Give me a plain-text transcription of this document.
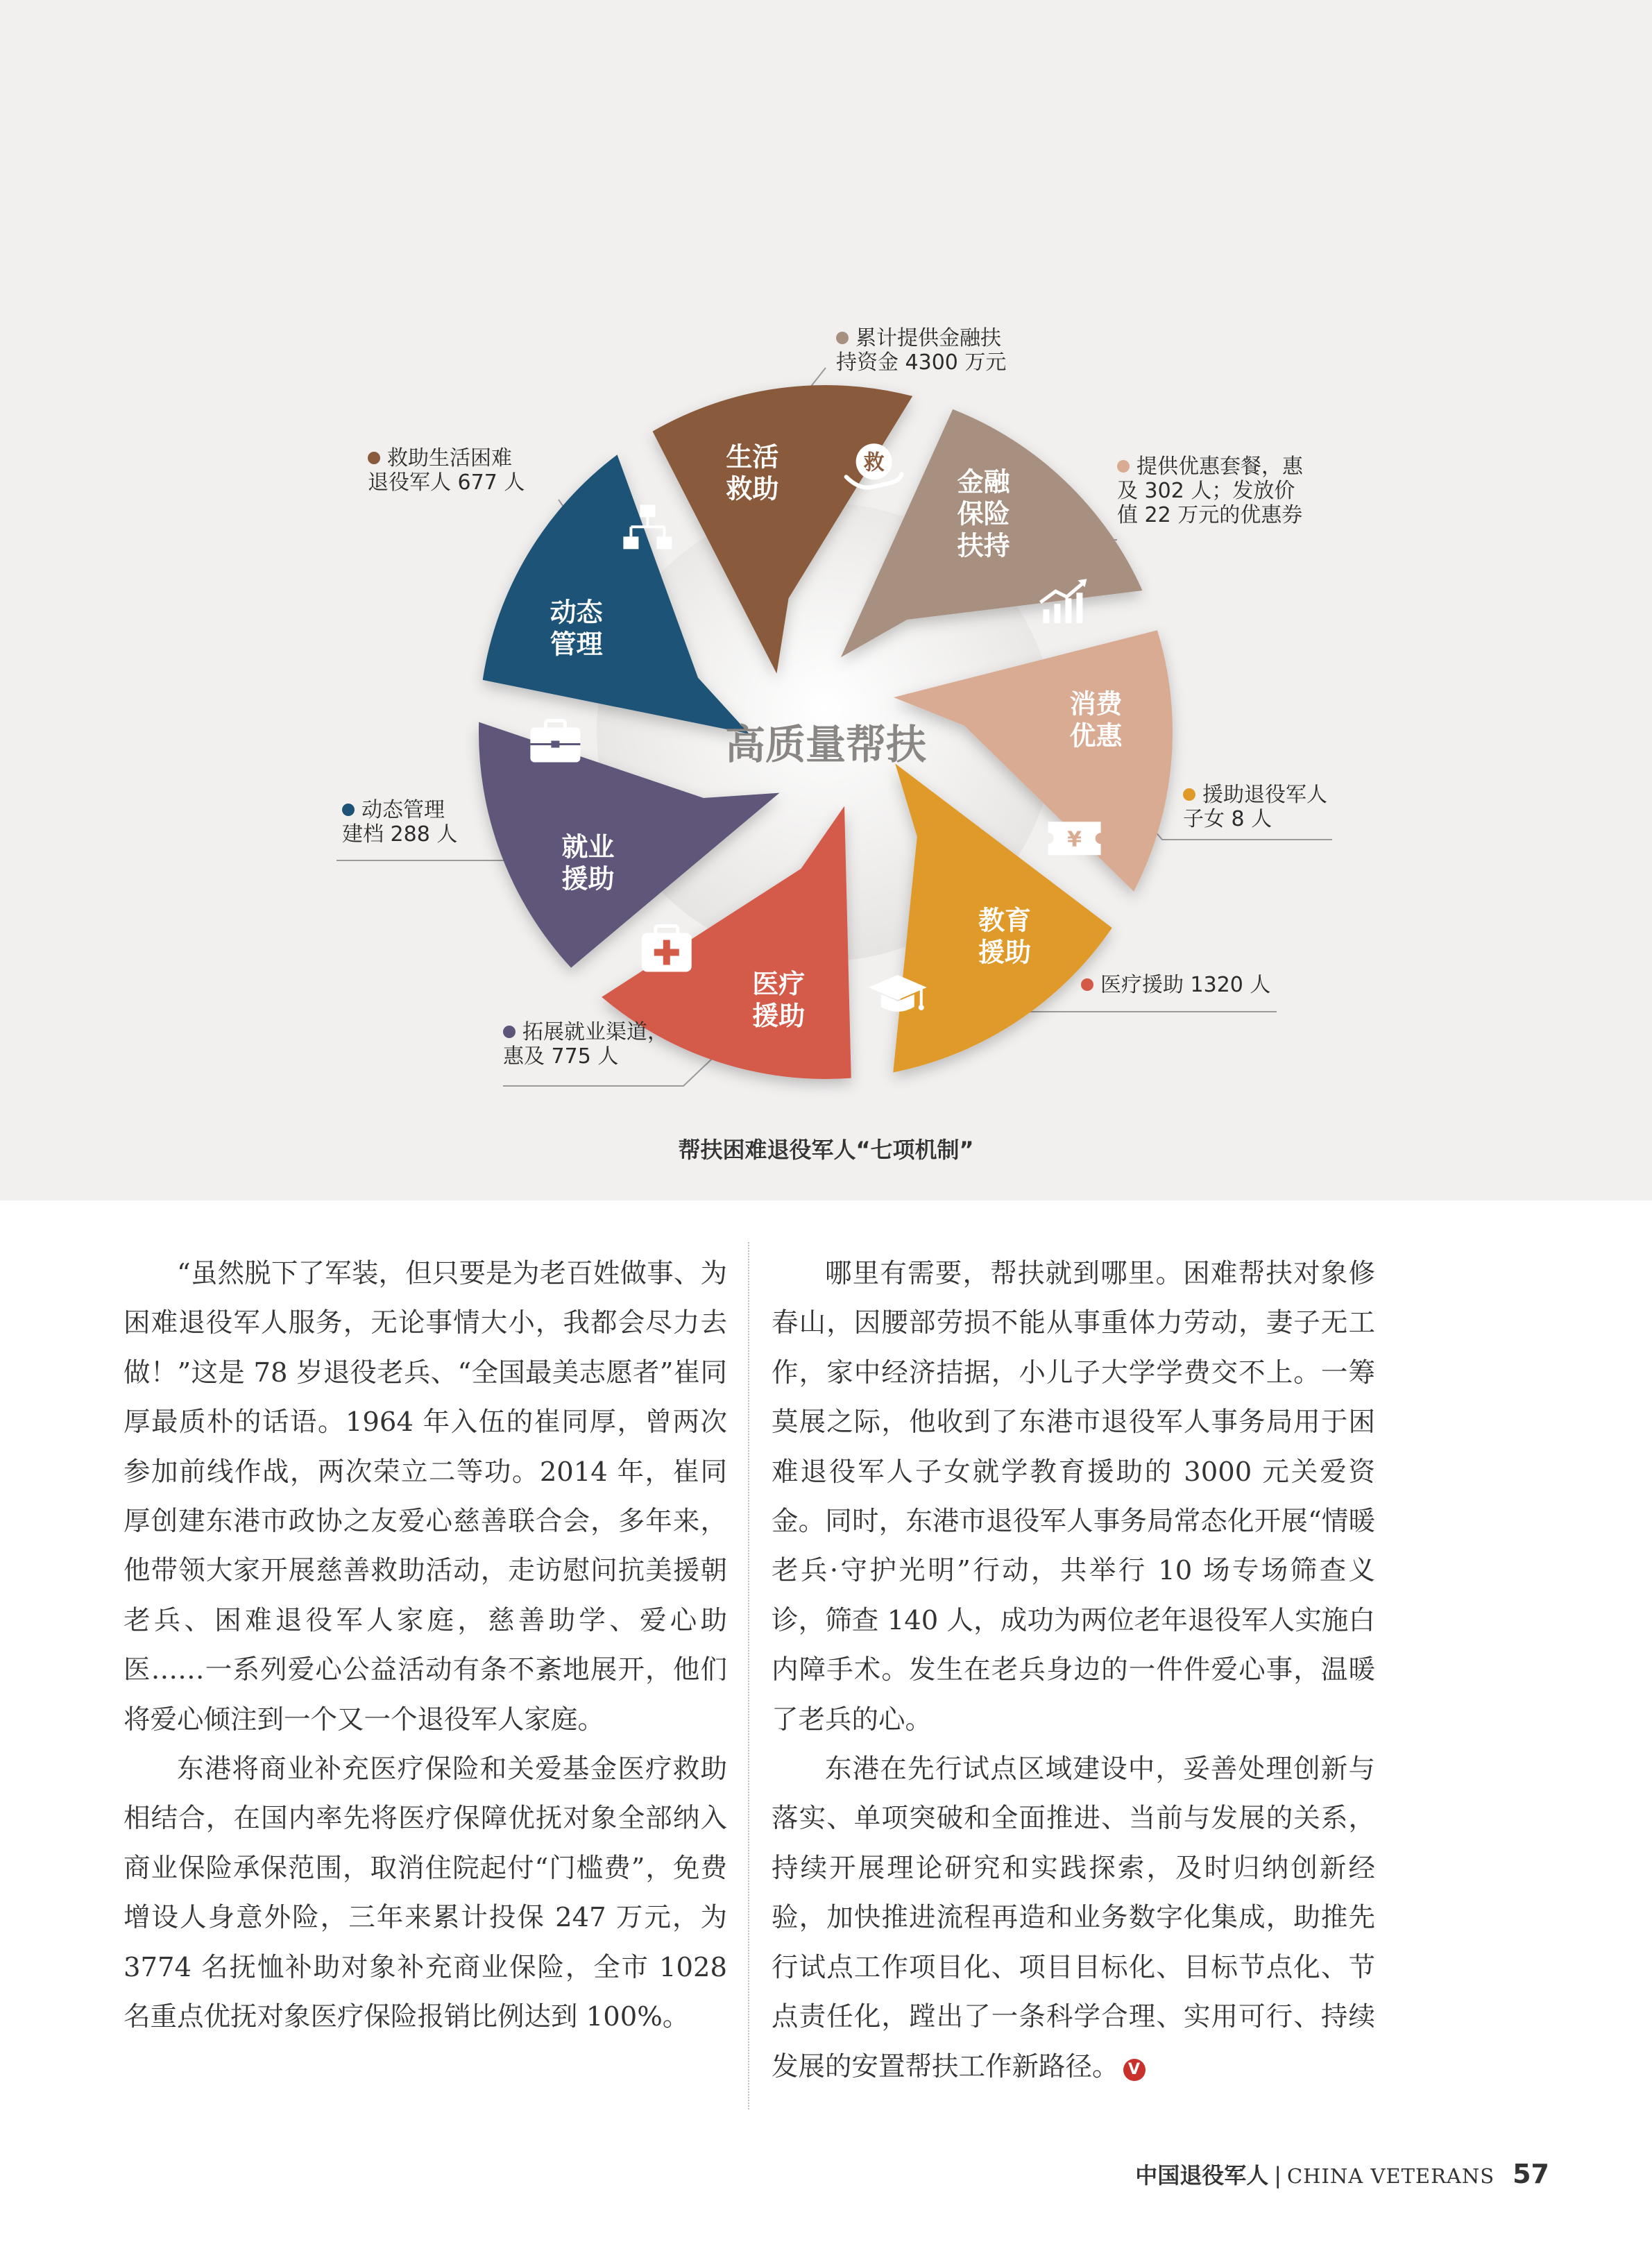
金融
保险
扶持
消费
优惠
¥
教育
援助
医疗
援助
就业
援助
动态
管理
生活
救助
救
高质量帮扶
累计提供金融扶
持资金 4300 万元
提供优惠套餐，惠
及 302 人；发放价
值 22 万元的优惠券
援助退役军人
子女 8 人
医疗援助 1320 人
拓展就业渠道，
惠及 775 人
动态管理
建档 288 人
救助生活困难
退役军人 677 人
帮扶困难退役军人“七项机制”

“虽然脱下了军装，但只要是为老百姓做事、为困难退役军人服务，无论事情大小，我都会尽力去做！”这是 78 岁退役老兵、“全国最美志愿者”崔同厚最质朴的话语。1964 年入伍的崔同厚，曾两次参加前线作战，两次荣立二等功。2014 年，崔同厚创建东港市政协之友爱心慈善联合会，多年来，他带领大家开展慈善救助活动，走访慰问抗美援朝老兵、困难退役军人家庭，慈善助学、爱心助医……一系列爱心公益活动有条不紊地展开，他们将爱心倾注到一个又一个退役军人家庭。

东港将商业补充医疗保险和关爱基金医疗救助相结合，在国内率先将医疗保障优抚对象全部纳入商业保险承保范围，取消住院起付“门槛费”，免费增设人身意外险，三年来累计投保 247 万元，为 3774 名抚恤补助对象补充商业保险，全市 1028 名重点优抚对象医疗保险报销比例达到 100%。

哪里有需要，帮扶就到哪里。困难帮扶对象修春山，因腰部劳损不能从事重体力劳动，妻子无工作，家中经济拮据，小儿子大学学费交不上。一筹莫展之际，他收到了东港市退役军人事务局用于困难退役军人子女就学教育援助的 3000 元关爱资金。同时，东港市退役军人事务局常态化开展“情暖老兵·守护光明”行动，共举行 10 场专场筛查义诊，筛查 140 人，成功为两位老年退役军人实施白内障手术。发生在老兵身边的一件件爱心事，温暖了老兵的心。

东港在先行试点区域建设中，妥善处理创新与落实、单项突破和全面推进、当前与发展的关系，持续开展理论研究和实践探索，及时归纳创新经验，加快推进流程再造和业务数字化集成，助推先行试点工作项目化、项目目标化、目标节点化、节点责任化，蹚出了一条科学合理、实用可行、持续发展的安置帮扶工作新路径。 V

中国退役军人 | CHINA VETERANS 57
